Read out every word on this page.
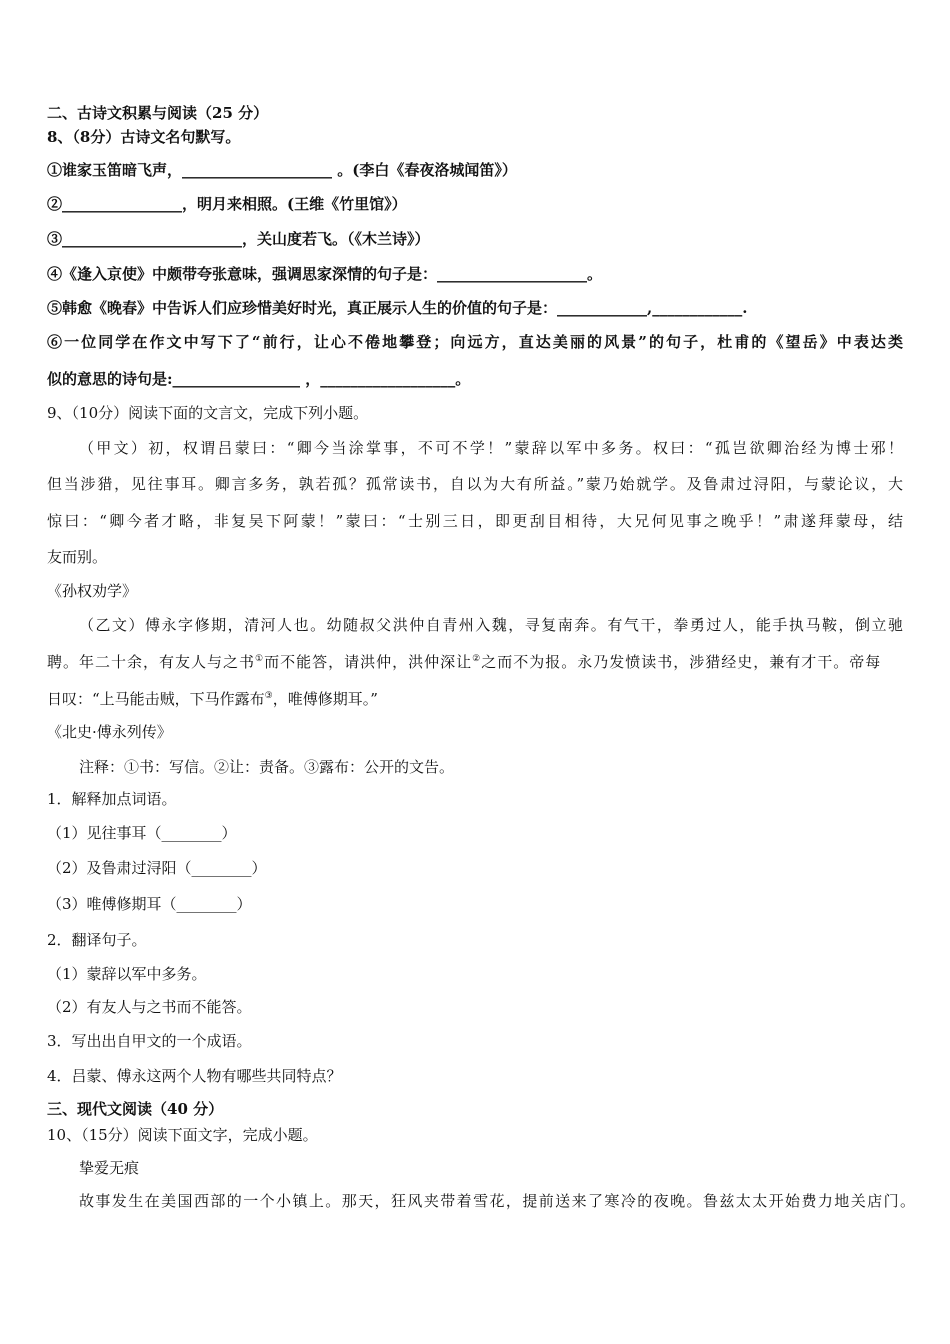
二、古诗文积累与阅读（25 分）
8、（8分）古诗文名句默写。
①谁家玉笛暗飞声，____________________ 。(李白《春夜洛城闻笛》）
②________________，明月来相照。(王维《竹里馆》）
③________________________，关山度若飞。（《木兰诗》）
④《逢入京使》中颇带夸张意味，强调思家深情的句子是：____________________。
⑤韩愈《晚春》中告诉人们应珍惜美好时光，真正展示人生的价值的句子是：____________,____________.
⑥一位同学在作文中写下了“前行，让心不倦地攀登；向远方，直达美丽的风景”的句子，杜甫的《望岳》中表达类
似的意思的诗句是:_________________ ，__________________。
9、（10分）阅读下面的文言文，完成下列小题。
（甲文）初，权谓吕蒙曰：“卿今当涂掌事，不可不学！”蒙辞以军中多务。权曰：“孤岂欲卿治经为博士邪！
但当涉猎，见往事耳。卿言多务，孰若孤？孤常读书，自以为大有所益。”蒙乃始就学。及鲁肃过浔阳，与蒙论议，大
惊曰：“卿今者才略，非复吴下阿蒙！”蒙曰：“士别三日，即更刮目相待，大兄何见事之晚乎！”肃遂拜蒙母，结
友而别。
《孙权劝学》
（乙文）傅永字修期，清河人也。幼随叔父洪仲自青州入魏，寻复南奔。有气干，拳勇过人，能手执马鞍，倒立驰
聘。年二十余，有友人与之书①而不能答，请洪仲，洪仲深让②之而不为报。永乃发愤读书，涉猎经史，兼有才干。帝每
日叹：“上马能击贼，下马作露布③，唯傅修期耳。”
《北史·傅永列传》
注释：①书：写信。②让：责备。③露布：公开的文告。
1．解释加点词语。
（1）见往事耳（________）
（2）及鲁肃过浔阳（________）
（3）唯傅修期耳（________）
2．翻译句子。
（1）蒙辞以军中多务。
（2）有友人与之书而不能答。
3．写出出自甲文的一个成语。
4．吕蒙、傅永这两个人物有哪些共同特点？
三、现代文阅读（40 分）
10、（15分）阅读下面文字，完成小题。
挚爱无痕
故事发生在美国西部的一个小镇上。那天，狂风夹带着雪花，提前送来了寒冷的夜晚。鲁兹太太开始费力地关店门。
